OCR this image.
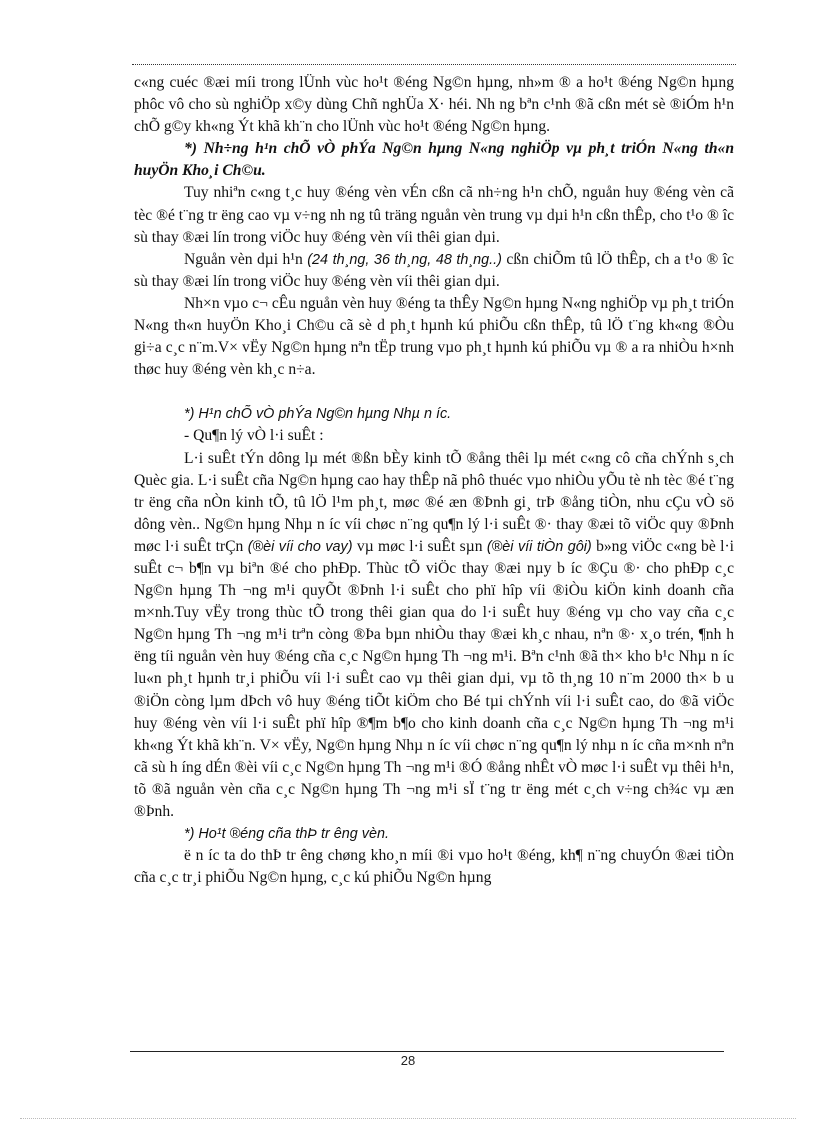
c«ng cuéc ®æi míi trong lÜnh vùc ho¹t ®éng Ng©n hµng, nh»m ® a ho¹t ®éng Ng©n hµng phôc vô cho sù nghiÖp x©y dùng Chñ nghÜa X· héi. Nh ng bªn c¹nh ®ã cßn mét sè ®iÓm h¹n chÕ g©y kh«ng Ýt khã kh¨n cho lÜnh vùc ho¹t ®éng Ng©n hµng.

*) Nh÷ng h¹n chÕ vÒ phÝa Ng©n hµng N«ng nghiÖp vµ ph¸t triÓn N«ng th«n huyÖn Kho¸i Ch©u.

Tuy nhiªn c«ng t¸c huy ®éng vèn vÉn cßn cã nh÷ng h¹n chÕ, nguån huy ®éng vèn cã tèc ®é t¨ng tr ëng cao vµ v÷ng nh ng tû träng nguån vèn trung vµ dµi h¹n cßn thÊp, cho t¹o ® îc sù thay ®æi lín trong viÖc huy ®éng vèn víi thêi gian dµi.

Nguån vèn dµi h¹n (24 th¸ng, 36 th¸ng, 48 th¸ng..) cßn chiÕm tû lÖ thÊp, ch a t¹o ® îc sù thay ®æi lín trong viÖc huy ®éng vèn víi thêi gian dµi.

Nh×n vµo c¬ cÊu nguån vèn huy ®éng ta thÊy Ng©n hµng N«ng nghiÖp vµ ph¸t triÓn N«ng th«n huyÖn Kho¸i Ch©u cã sè d ph¸t hµnh kú phiÕu cßn thÊp, tû lÖ t¨ng kh«ng ®Òu gi÷a c¸c n¨m.V× vËy Ng©n hµng nªn tËp trung vµo ph¸t hµnh kú phiÕu vµ ® a ra nhiÒu h×nh thøc huy ®éng vèn kh¸c n÷a.

*) H¹n chÕ vÒ phÝa Ng©n hµng Nhµ n íc.

- Qu¶n lý vÒ l·i suÊt :

L·i suÊt tÝn dông lµ mét ®ßn bÈy kinh tÕ ®ång thêi lµ mét c«ng cô cña chÝnh s¸ch Quèc gia. L·i suÊt cña Ng©n hµng cao hay thÊp nã phô thuéc vµo nhiÒu yÕu tè nh tèc ®é t¨ng tr ëng cña nÒn kinh tÕ, tû lÖ l¹m ph¸t, møc ®é æn ®Þnh gi¸ trÞ ®ång tiÒn, nhu cÇu vÒ sö dông vèn.. Ng©n hµng Nhµ n íc víi chøc n¨ng qu¶n lý l·i suÊt ®· thay ®æi tõ viÖc quy ®Þnh møc l·i suÊt trÇn (®èi víi cho vay) vµ møc l·i suÊt sµn (®èi víi tiÒn gôi) b»ng viÖc c«ng bè l·i suÊt c¬ b¶n vµ biªn ®é cho phÐp. Thùc tÕ viÖc thay ®æi nµy b íc ®Çu ®· cho phÐp c¸c Ng©n hµng Th ¬ng m¹i quyÕt ®Þnh l·i suÊt cho phï hîp víi ®iÒu kiÖn kinh doanh cña m×nh.Tuy vËy trong thùc tÕ trong thêi gian qua do l·i suÊt huy ®éng vµ cho vay cña c¸c Ng©n hµng Th ¬ng m¹i trªn còng ®Þa bµn nhiÒu thay ®æi kh¸c nhau, nªn ®· x¸o trén, ¶nh h ëng tíi nguån vèn huy ®éng cña c¸c Ng©n hµng Th ¬ng m¹i. Bªn c¹nh ®ã th× kho b¹c Nhµ n íc lu«n ph¸t hµnh tr¸i phiÕu víi l·i suÊt cao vµ thêi gian dµi, vµ tõ th¸ng 10 n¨m 2000 th× b u ®iÖn còng lµm dÞch vô huy ®éng tiÕt kiÖm cho Bé tµi chÝnh víi l·i suÊt cao, do ®ã viÖc huy ®éng vèn víi l·i suÊt phï hîp ®¶m b¶o cho kinh doanh cña c¸c Ng©n hµng Th ¬ng m¹i kh«ng Ýt khã kh¨n. V× vËy, Ng©n hµng Nhµ n íc víi chøc n¨ng qu¶n lý nhµ n íc cña m×nh nªn cã sù h íng dÉn ®èi víi c¸c Ng©n hµng Th ¬ng m¹i ®Ó ®ång nhÊt vÒ møc l·i suÊt vµ thêi h¹n, tõ ®ã nguån vèn cña c¸c Ng©n hµng Th ¬ng m¹i sÏ t¨ng tr ëng mét c¸ch v÷ng ch¾c vµ æn ®Þnh.

*) Ho¹t ®éng cña thÞ tr êng vèn.

ë n íc ta do thÞ tr êng chøng kho¸n míi ®i vµo ho¹t ®éng, kh¶ n¨ng chuyÓn ®æi tiÒn cña c¸c tr¸i phiÕu Ng©n hµng, c¸c kú phiÕu Ng©n hµng

28
